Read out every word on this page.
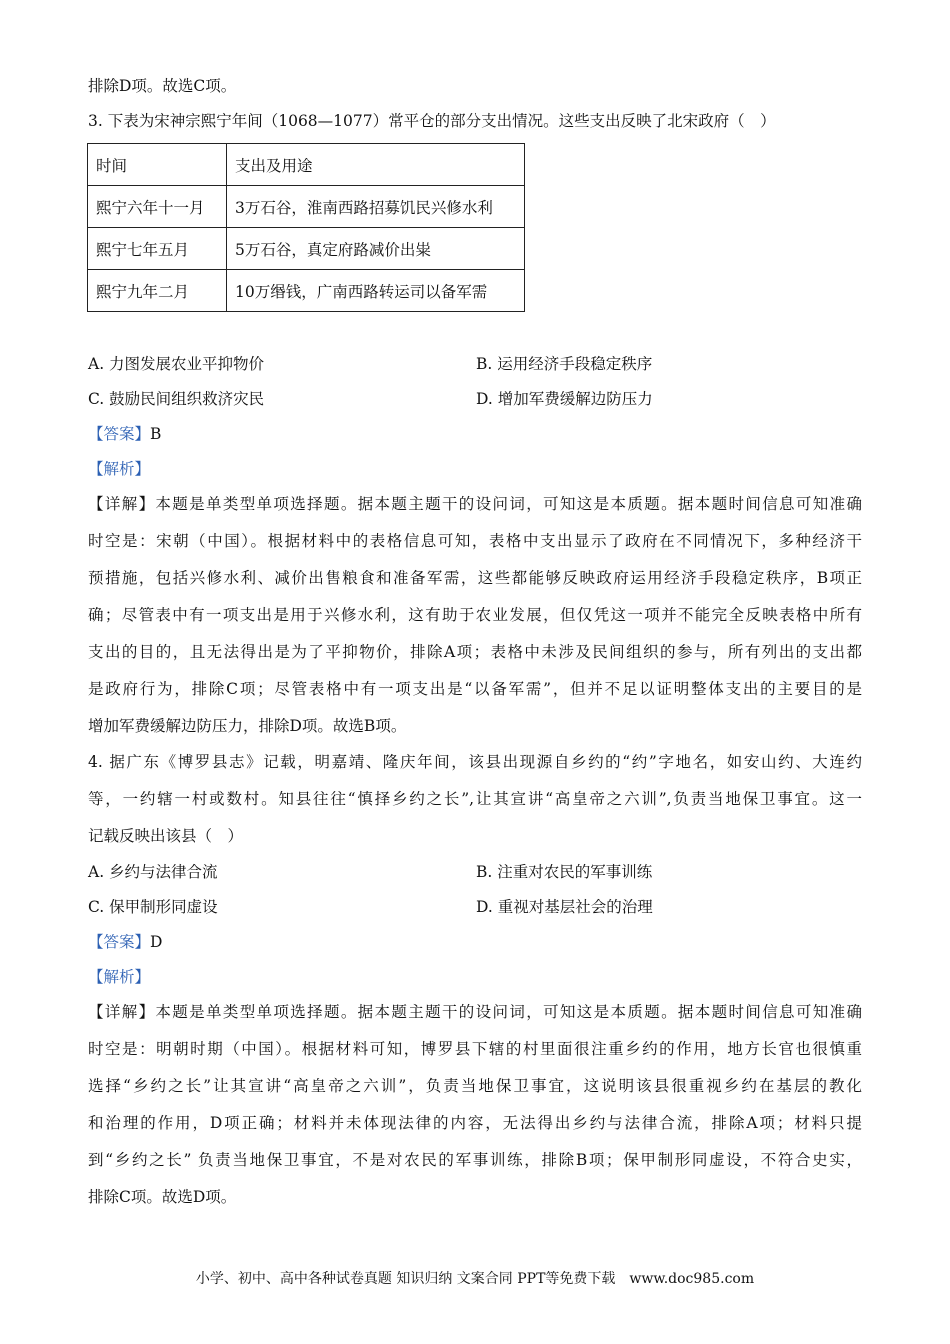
排除D项。故选C项。
3. 下表为宋神宗熙宁年间（1068—1077）常平仓的部分支出情况。这些支出反映了北宋政府（　）
时间	支出及用途
熙宁六年十一月	3万石谷，淮南西路招募饥民兴修水利
熙宁七年五月	5万石谷，真定府路减价出粜
熙宁九年二月	10万缗钱，广南西路转运司以备军需
A. 力图发展农业平抑物价	B. 运用经济手段稳定秩序
C. 鼓励民间组织救济灾民	D. 增加军费缓解边防压力
【答案】B
【解析】
【详解】本题是单类型单项选择题。据本题主题干的设问词，可知这是本质题。据本题时间信息可知准确
时空是：宋朝（中国）。根据材料中的表格信息可知，表格中支出显示了政府在不同情况下，多种经济干
预措施，包括兴修水利、减价出售粮食和准备军需，这些都能够反映政府运用经济手段稳定秩序，B项正
确；尽管表中有一项支出是用于兴修水利，这有助于农业发展，但仅凭这一项并不能完全反映表格中所有
支出的目的，且无法得出是为了平抑物价，排除A项；表格中未涉及民间组织的参与，所有列出的支出都
是政府行为，排除C项；尽管表格中有一项支出是“以备军需”，但并不足以证明整体支出的主要目的是
增加军费缓解边防压力，排除D项。故选B项。
4. 据广东《博罗县志》记载，明嘉靖、隆庆年间，该县出现源自乡约的“约”字地名，如安山约、大连约
等，一约辖一村或数村。知县往往“慎择乡约之长”,让其宣讲“高皇帝之六训”,负责当地保卫事宜。这一
记载反映出该县（　）
A. 乡约与法律合流	B. 注重对农民的军事训练
C. 保甲制形同虚设	D. 重视对基层社会的治理
【答案】D
【解析】
【详解】本题是单类型单项选择题。据本题主题干的设问词，可知这是本质题。据本题时间信息可知准确
时空是：明朝时期（中国）。根据材料可知，博罗县下辖的村里面很注重乡约的作用，地方长官也很慎重
选择“乡约之长”让其宣讲“高皇帝之六训”，负责当地保卫事宜，这说明该县很重视乡约在基层的教化
和治理的作用，D项正确；材料并未体现法律的内容，无法得出乡约与法律合流，排除A项；材料只提
到“乡约之长” 负责当地保卫事宜，不是对农民的军事训练，排除B项；保甲制形同虚设，不符合史实，
排除C项。故选D项。
小学、初中、高中各种试卷真题 知识归纳 文案合同 PPT等免费下载 www.doc985.com
